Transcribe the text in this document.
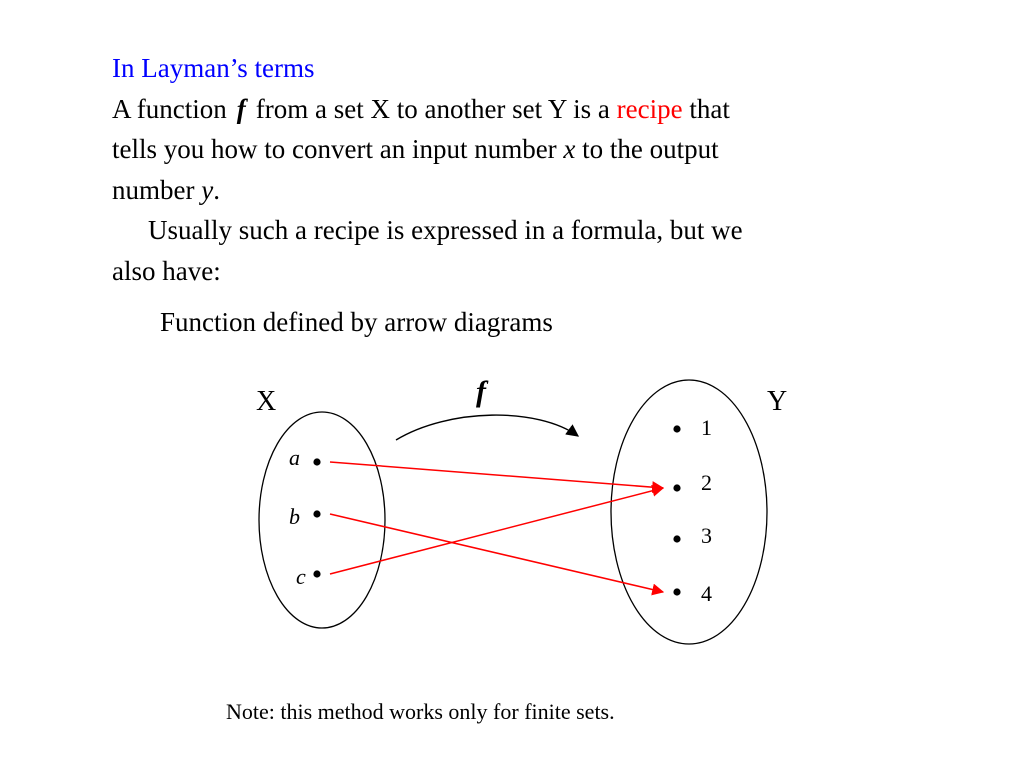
In Layman’s terms
A function f from a set X to another set Y is a recipe that
tells you how to convert an input number x to the output
number y.
Usually such a recipe is expressed in a formula, but we
also have:
Function defined by arrow diagrams
X	Y
f
a
b
c
1
2
3
4
Note: this method works only for finite sets.
